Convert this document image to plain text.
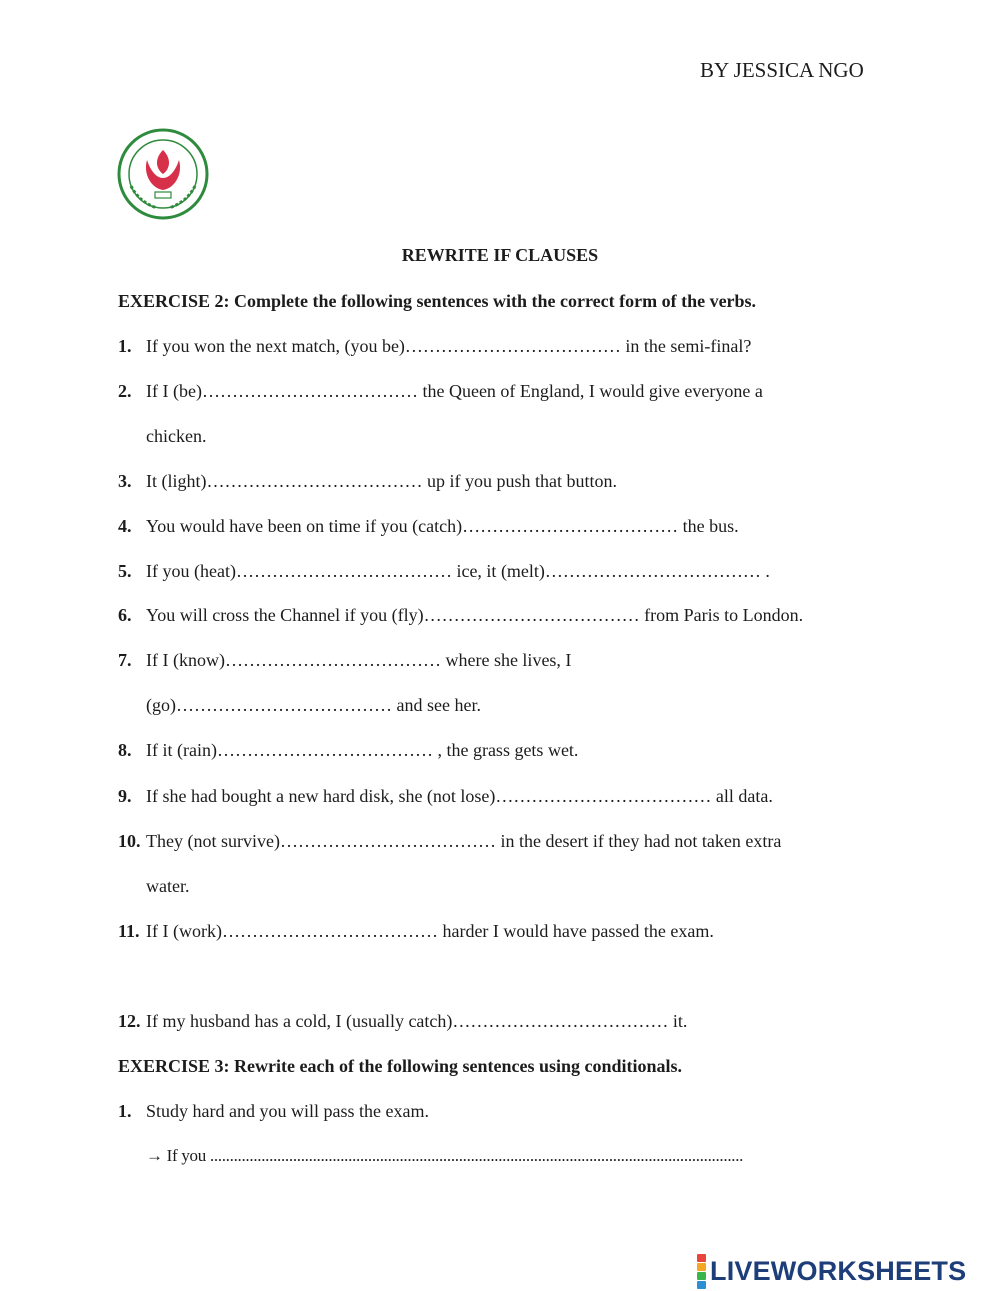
BY JESSICA NGO
REWRITE IF CLAUSES
EXERCISE 2: Complete the following sentences with the correct form of the verbs.
1. If you won the next match, (you be)……………………………… in the semi-final?
2. If I (be)……………………………… the Queen of England, I would give everyone a
chicken.
3. It (light)……………………………… up if you push that button.
4. You would have been on time if you (catch)……………………………… the bus.
5. If you (heat)……………………………… ice, it (melt)……………………………… .
6. You will cross the Channel if you (fly)……………………………… from Paris to London.
7. If I (know)……………………………… where she lives, I
(go)……………………………… and see her.
8. If it (rain)……………………………… , the grass gets wet.
9. If she had bought a new hard disk, she (not lose)……………………………… all data.
10. They (not survive)……………………………… in the desert if they had not taken extra
water.
11. If I (work)……………………………… harder I would have passed the exam.
12. If my husband has a cold, I (usually catch)……………………………… it.
EXERCISE 3: Rewrite each of the following sentences using conditionals.
1. Study hard and you will pass the exam.
→ If you .......................................................................................................................................
LIVEWORKSHEETS
